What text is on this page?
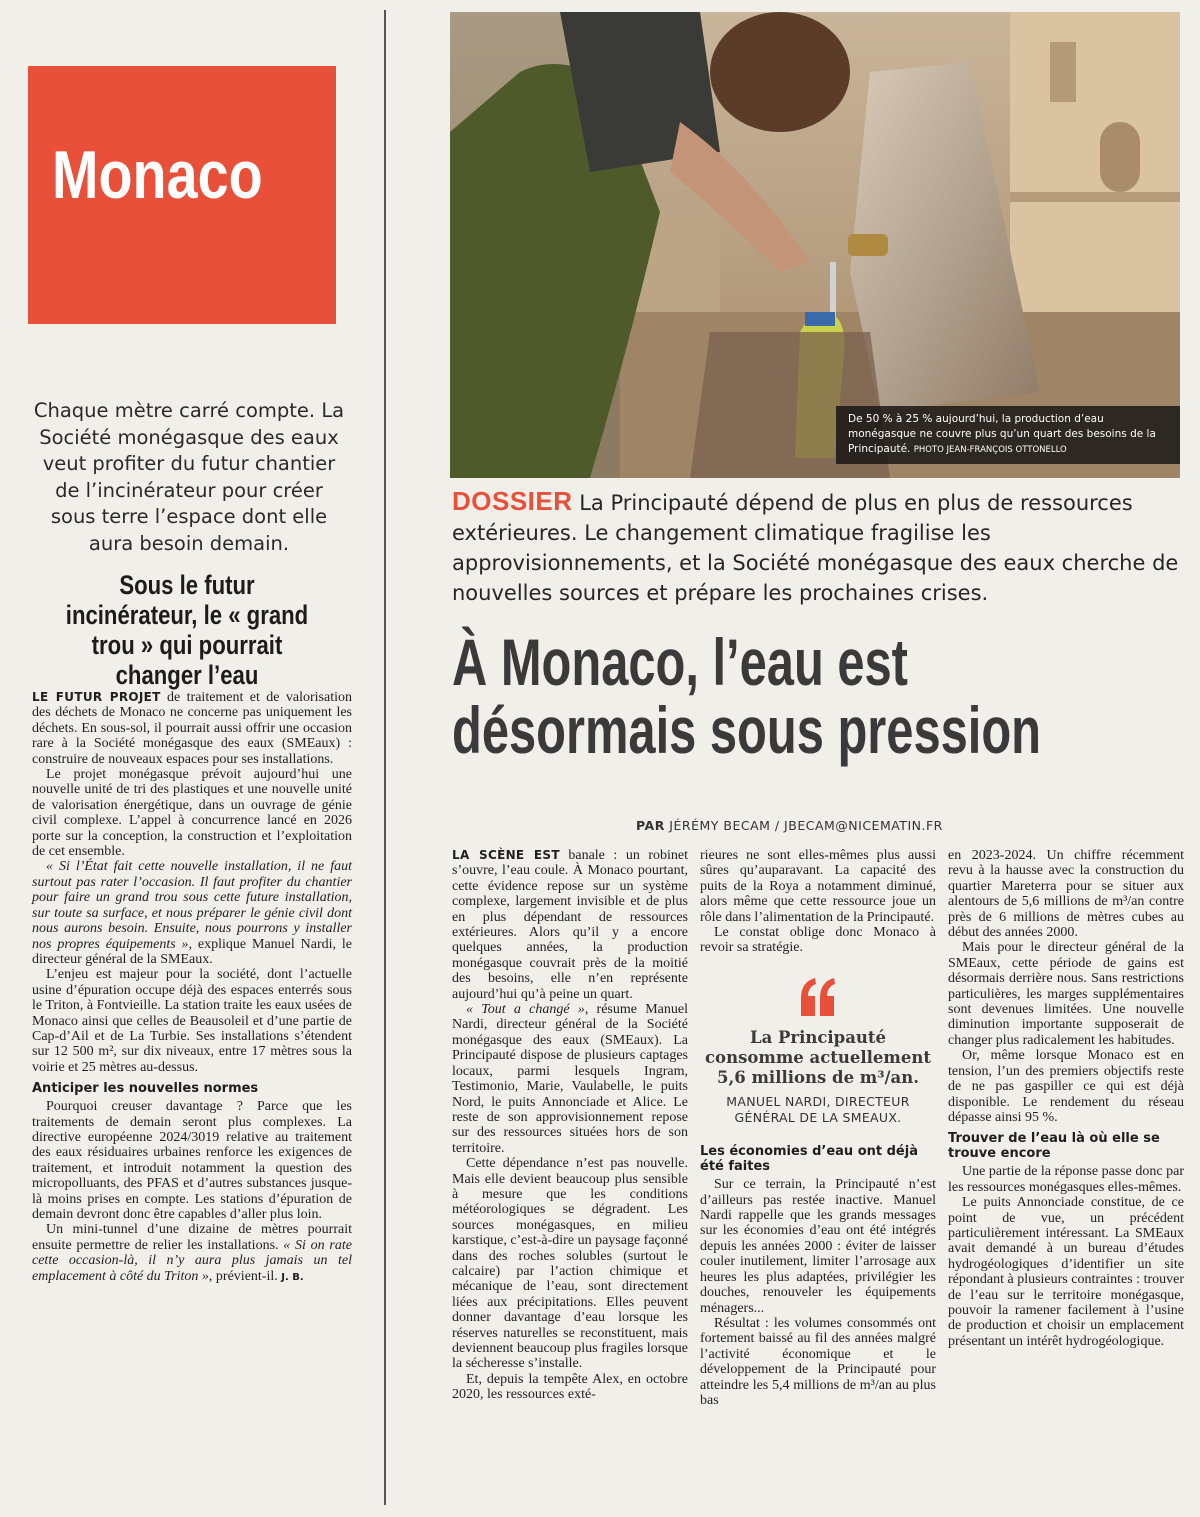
Monaco
Chaque mètre carré compte. La Société monégasque des eaux veut profiter du futur chantier de l’incinérateur pour créer sous terre l’espace dont elle aura besoin demain.
Sous le futur incinérateur, le « grand trou » qui pourrait changer l’eau

LE FUTUR PROJET de traitement et de valorisation des déchets de Monaco ne concerne pas uniquement les déchets. En sous-sol, il pourrait aussi offrir une occasion rare à la Société monégasque des eaux (SMEaux) : construire de nouveaux espaces pour ses installations.

Le projet monégasque prévoit aujourd’hui une nouvelle unité de tri des plastiques et une nouvelle unité de valorisation énergétique, dans un ouvrage de génie civil complexe. L’appel à concurrence lancé en 2026 porte sur la conception, la construction et l’exploitation de cet ensemble.

« Si l’État fait cette nouvelle installation, il ne faut surtout pas rater l’occasion. Il faut profiter du chantier pour faire un grand trou sous cette future installation, sur toute sa surface, et nous préparer le génie civil dont nous aurons besoin. Ensuite, nous pourrons y installer nos propres équipements », explique Manuel Nardi, le directeur général de la SMEaux.

L’enjeu est majeur pour la société, dont l’actuelle usine d’épuration occupe déjà des espaces enterrés sous le Triton, à Fontvieille. La station traite les eaux usées de Monaco ainsi que celles de Beausoleil et d’une partie de Cap-d’Ail et de La Turbie. Ses installations s’étendent sur 12 500 m², sur dix niveaux, entre 17 mètres sous la voirie et 25 mètres au-dessus.

Anticiper les nouvelles normes

Pourquoi creuser davantage ? Parce que les traitements de demain seront plus complexes. La directive européenne 2024/3019 relative au traitement des eaux résiduaires urbaines renforce les exigences de traitement, et introduit notamment la question des micropolluants, des PFAS et d’autres substances jusque-là moins prises en compte. Les stations d’épuration de demain devront donc être capables d’aller plus loin.

Un mini-tunnel d’une dizaine de mètres pourrait ensuite permettre de relier les installations. « Si on rate cette occasion-là, il n’y aura plus jamais un tel emplacement à côté du Triton », prévient-il. J. B.

De 50 % à 25 % aujourd’hui, la production d’eau monégasque ne couvre plus qu’un quart des besoins de la Principauté. PHOTO JEAN-FRANÇOIS OTTONELLO
DOSSIER La Principauté dépend de plus en plus de ressources extérieures. Le changement climatique fragilise les approvisionnements, et la Société monégasque des eaux cherche de nouvelles sources et prépare les prochaines crises.
À Monaco, l’eau est
désormais sous pression
PAR JÉRÉMY BECAM / JBECAM@NICEMATIN.FR

LA SCÈNE EST banale : un robinet s’ouvre, l’eau coule. À Monaco pourtant, cette évidence repose sur un système complexe, largement invisible et de plus en plus dépendant de ressources extérieures. Alors qu’il y a encore quelques années, la production monégasque couvrait près de la moitié des besoins, elle n’en représente aujourd’hui qu’à peine un quart.

« Tout a changé », résume Manuel Nardi, directeur général de la Société monégasque des eaux (SMEaux). La Principauté dispose de plusieurs captages locaux, parmi lesquels Ingram, Testimonio, Marie, Vaulabelle, le puits Nord, le puits Annonciade et Alice. Le reste de son approvisionnement repose sur des ressources situées hors de son territoire.

Cette dépendance n’est pas nouvelle. Mais elle devient beaucoup plus sensible à mesure que les conditions météorologiques se dégradent. Les sources monégasques, en milieu karstique, c’est-à-dire un paysage façonné dans des roches solubles (surtout le calcaire) par l’action chimique et mécanique de l’eau, sont directement liées aux précipitations. Elles peuvent donner davantage d’eau lorsque les réserves naturelles se reconstituent, mais deviennent beaucoup plus fragiles lorsque la sécheresse s’installe.

Et, depuis la tempête Alex, en octobre 2020, les ressources exté-

rieures ne sont elles-mêmes plus aussi sûres qu’auparavant. La capacité des puits de la Roya a notamment diminué, alors même que cette ressource joue un rôle dans l’alimentation de la Principauté.

Le constat oblige donc Monaco à revoir sa stratégie.

La Principauté consomme actuellement 5,6 millions de m³/an.
MANUEL NARDI, DIRECTEUR GÉNÉRAL DE LA SMEAUX.
Les économies d’eau ont déjà été faites

Sur ce terrain, la Principauté n’est d’ailleurs pas restée inactive. Manuel Nardi rappelle que les grands messages sur les économies d’eau ont été intégrés depuis les années 2000 : éviter de laisser couler inutilement, limiter l’arrosage aux heures les plus adaptées, privilégier les douches, renouveler les équipements ménagers...

Résultat : les volumes consommés ont fortement baissé au fil des années malgré l’activité économique et le développement de la Principauté pour atteindre les 5,4 millions de m³/an au plus bas

en 2023-2024. Un chiffre récemment revu à la hausse avec la construction du quartier Mareterra pour se situer aux alentours de 5,6 millions de m³/an contre près de 6 millions de mètres cubes au début des années 2000.

Mais pour le directeur général de la SMEaux, cette période de gains est désormais derrière nous. Sans restrictions particulières, les marges supplémentaires sont devenues limitées. Une nouvelle diminution importante supposerait de changer plus radicalement les habitudes.

Or, même lorsque Monaco est en tension, l’un des premiers objectifs reste de ne pas gaspiller ce qui est déjà disponible. Le rendement du réseau dépasse ainsi 95 %.

Trouver de l’eau là où elle se trouve encore

Une partie de la réponse passe donc par les ressources monégasques elles-mêmes.

Le puits Annonciade constitue, de ce point de vue, un précédent particulièrement intéressant. La SMEaux avait demandé à un bureau d’études hydrogéologiques d’identifier un site répondant à plusieurs contraintes : trouver de l’eau sur le territoire monégasque, pouvoir la ramener facilement à l’usine de production et choisir un emplacement présentant un intérêt hydrogéologique.
